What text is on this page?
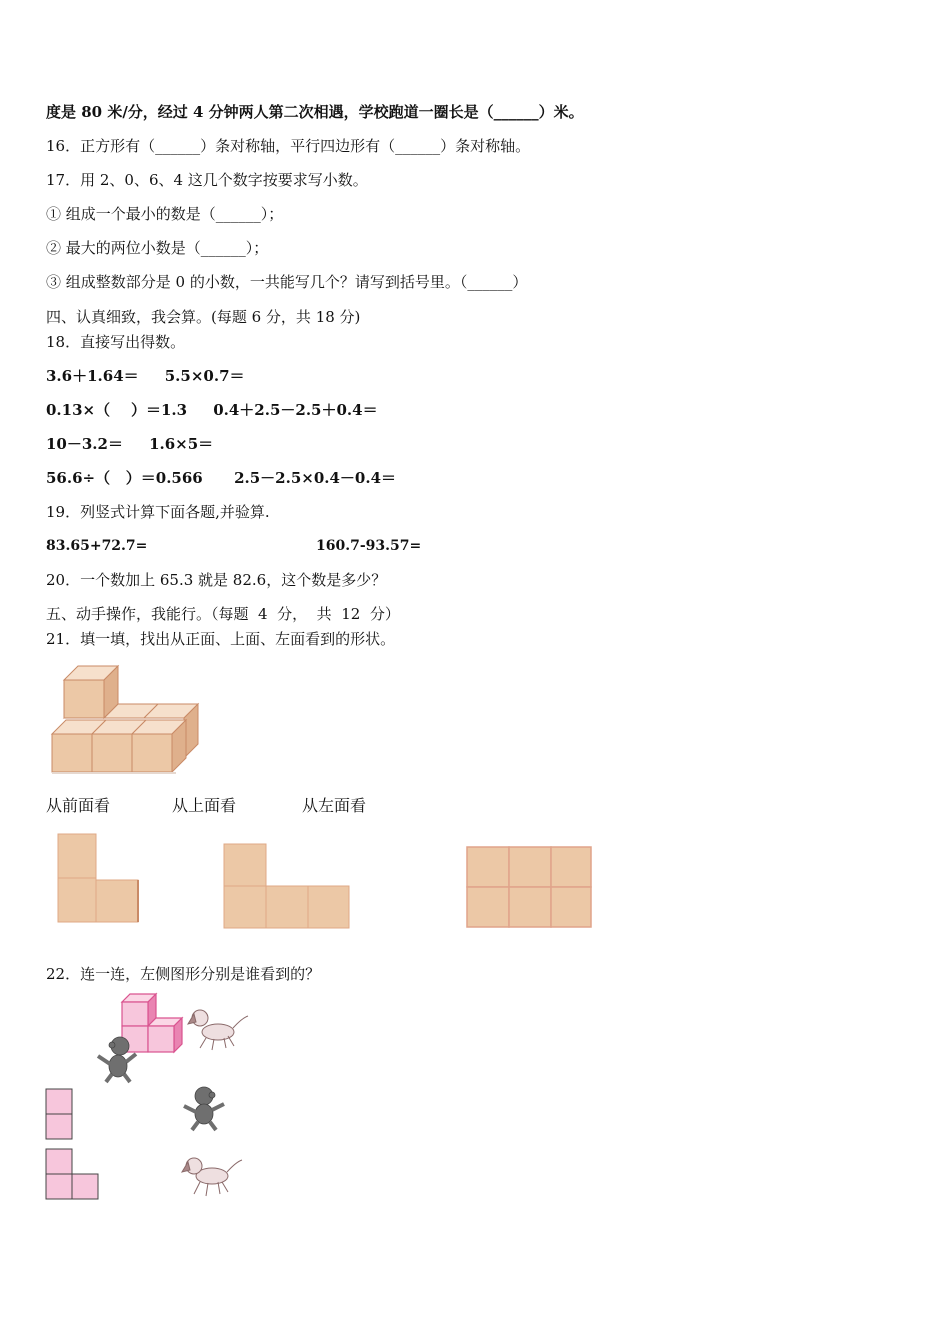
度是 80 米/分，经过 4 分钟两人第二次相遇，学校跑道一圈长是（______）米。
16．正方形有（______）条对称轴，平行四边形有（______）条对称轴。
17．用 2、0、6、4 这几个数字按要求写小数。
① 组成一个最小的数是（______）；
② 最大的两位小数是（______）；
③ 组成整数部分是 0 的小数，一共能写几个？请写到括号里。（______）
四、认真细致，我会算。(每题 6 分，共 18 分)
18．直接写出得数。
3.6＋1.64＝     5.5×0.7＝
0.13×（    ）＝1.3     0.4＋2.5－2.5＋0.4＝
10－3.2＝     1.6×5＝
56.6÷（   ）＝0.566      2.5－2.5×0.4－0.4＝
19．列竖式计算下面各题,并验算.
83.65+72.7=	160.7-93.57=
20．一个数加上 65.3 就是 82.6，这个数是多少？
五、动手操作，我能行。（每题  4  分，  共  12  分）
21．填一填，找出从正面、上面、左面看到的形状。
从前面看	从上面看	从左面看
22．连一连，左侧图形分别是谁看到的？
